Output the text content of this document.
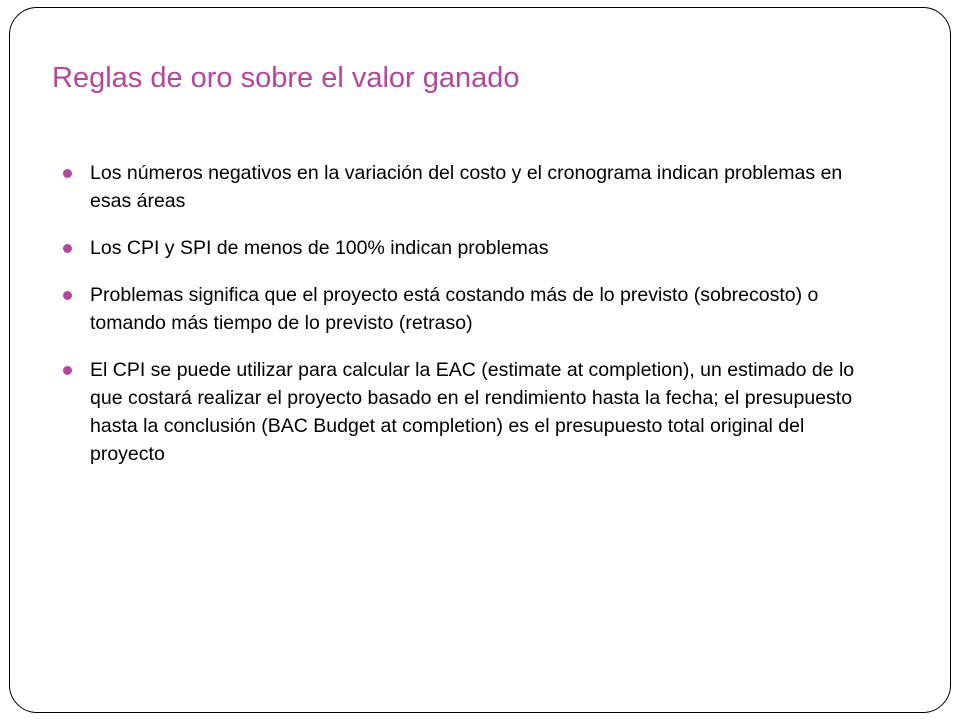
Reglas de oro sobre el valor ganado
Los números negativos en la variación del costo y el cronograma indican problemas en esas áreas
Los CPI y SPI de menos de 100% indican problemas
Problemas significa que el proyecto está costando más de lo previsto (sobrecosto) o tomando más tiempo de lo previsto (retraso)
El CPI se puede utilizar para calcular la EAC (estimate at completion), un estimado de lo que costará realizar el proyecto basado en el rendimiento hasta la fecha; el presupuesto hasta la conclusión (BAC Budget at completion) es el presupuesto total original del proyecto
